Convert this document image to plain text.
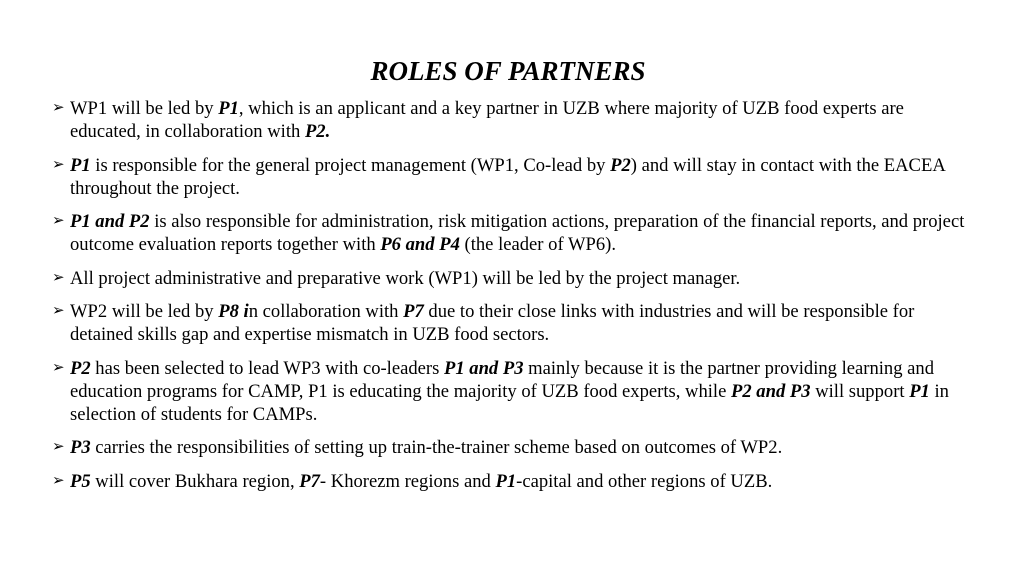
ROLES OF PARTNERS
➢ WP1 will be led by P1, which is an applicant and a key partner in UZB where majority of UZB food experts are educated, in collaboration with P2.
➢ P1 is responsible for the general project management (WP1, Co-lead by P2) and will stay in contact with the EACEA throughout the project.
➢ P1 and P2 is also responsible for administration, risk mitigation actions, preparation of the financial reports, and project outcome evaluation reports together with P6 and P4 (the leader of WP6).
➢ All project administrative and preparative work (WP1) will be led by the project manager.
➢ WP2 will be led by P8 in collaboration with P7 due to their close links with industries and will be responsible for detained skills gap and expertise mismatch in UZB food sectors.
➢ P2 has been selected to lead WP3 with co-leaders P1 and P3 mainly because it is the partner providing learning and education programs for CAMP, P1 is educating the majority of UZB food experts, while P2 and P3 will support P1 in selection of students for CAMPs.
➢ P3 carries the responsibilities of setting up train-the-trainer scheme based on outcomes of WP2.
➢ P5 will cover Bukhara region, P7- Khorezm regions and P1-capital and other regions of UZB.
